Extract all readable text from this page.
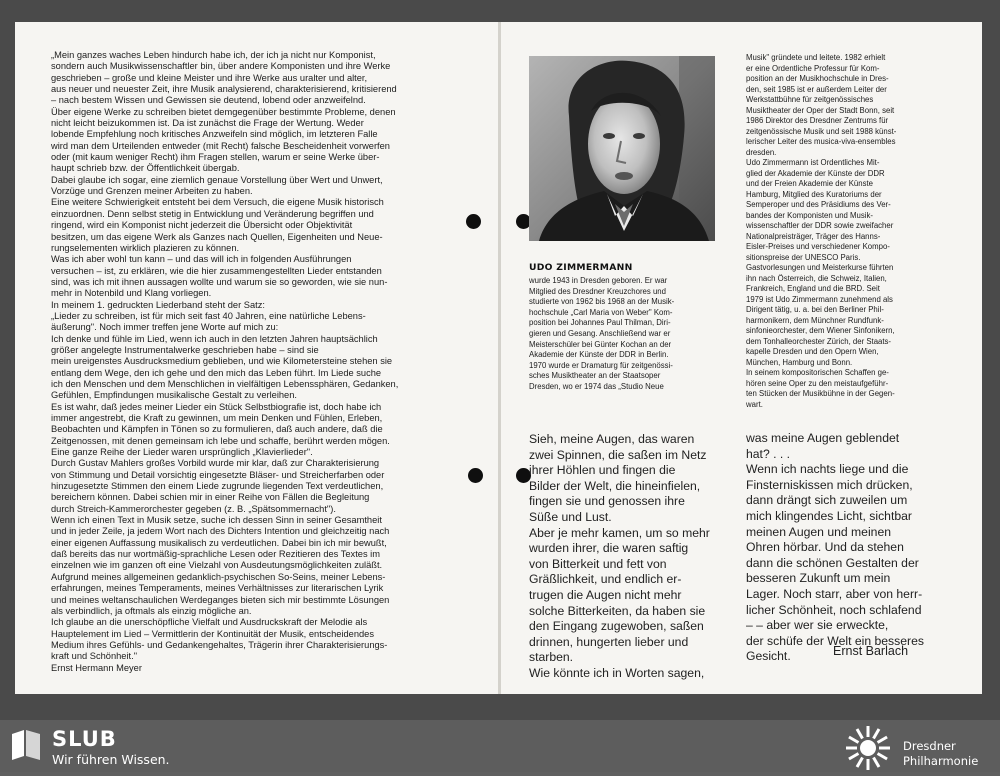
„Mein ganzes waches Leben hindurch habe ich, der ich ja nicht nur Komponist,
sondern auch Musikwissenschaftler bin, über andere Komponisten und ihre Werke
geschrieben – große und kleine Meister und ihre Werke aus uralter und alter,
aus neuer und neuester Zeit, ihre Musik analysierend, charakterisierend, kritisierend
– nach bestem Wissen und Gewissen sie deutend, lobend oder anzweifelnd.

Über eigene Werke zu schreiben bietet demgegenüber bestimmte Probleme, denen
nicht leicht beizukommen ist. Da ist zunächst die Frage der Wertung. Weder
lobende Empfehlung noch kritisches Anzweifeln sind möglich, im letzteren Falle
wird man dem Urteilenden entweder (mit Recht) falsche Bescheidenheit vorwerfen
oder (mit kaum weniger Recht) ihm Fragen stellen, warum er seine Werke über-
haupt schrieb bzw. der Öffentlichkeit übergab.

Dabei glaube ich sogar, eine ziemlich genaue Vorstellung über Wert und Unwert,
Vorzüge und Grenzen meiner Arbeiten zu haben.

Eine weitere Schwierigkeit entsteht bei dem Versuch, die eigene Musik historisch
einzuordnen. Denn selbst stetig in Entwicklung und Veränderung begriffen und
ringend, wird ein Komponist nicht jederzeit die Übersicht oder Objektivität
besitzen, um das eigene Werk als Ganzes nach Quellen, Eigenheiten und Neue-
rungselementen wirklich plazieren zu können.

Was ich aber wohl tun kann – und das will ich in folgenden Ausführungen
versuchen – ist, zu erklären, wie die hier zusammengestellten Lieder entstanden
sind, was ich mit ihnen aussagen wollte und warum sie so geworden, wie sie nun-
mehr in Notenbild und Klang vorliegen.

In meinem 1. gedruckten Liederband steht der Satz:

„Lieder zu schreiben, ist für mich seit fast 40 Jahren, eine natürliche Lebens-
äußerung". Noch immer treffen jene Worte auf mich zu:

Ich denke und fühle im Lied, wenn ich auch in den letzten Jahren hauptsächlich
größer angelegte Instrumentalwerke geschrieben habe – sind sie
mein ureigenstes Ausdrucksmedium geblieben, und wie Kilometersteine stehen sie
entlang dem Wege, den ich gehe und den mich das Leben führt. Im Liede suche
ich den Menschen und dem Menschlichen in vielfältigen Lebenssphären, Gedanken,
Gefühlen, Empfindungen musikalische Gestalt zu verleihen.

Es ist wahr, daß jedes meiner Lieder ein Stück Selbstbiografie ist, doch habe ich
immer angestrebt, die Kraft zu gewinnen, um mein Denken und Fühlen, Erleben,
Beobachten und Kämpfen in Tönen so zu formulieren, daß auch andere, daß die
Zeitgenossen, mit denen gemeinsam ich lebe und schaffe, berührt werden mögen.

Eine ganze Reihe der Lieder waren ursprünglich „Klavierlieder".

Durch Gustav Mahlers großes Vorbild wurde mir klar, daß zur Charakterisierung
von Stimmung und Detail vorsichtig eingesetzte Bläser- und Streicherfarben oder
hinzugesetzte Stimmen den einem Liede zugrunde liegenden Text verdeutlichen,
bereichern können. Dabei schien mir in einer Reihe von Fällen die Begleitung
durch Streich-Kammerorchester gegeben (z. B. „Spätsommernacht").

Wenn ich einen Text in Musik setze, suche ich dessen Sinn in seiner Gesamtheit
und in jeder Zeile, ja jedem Wort nach des Dichters Intention und gleichzeitig nach
einer eigenen Auffassung musikalisch zu verdeutlichen. Dabei bin ich mir bewußt,
daß bereits das nur wortmäßig-sprachliche Lesen oder Rezitieren des Textes im
einzelnen wie im ganzen oft eine Vielzahl von Ausdeutungsmöglichkeiten zuläßt.

Aufgrund meines allgemeinen gedanklich-psychischen So-Seins, meiner Lebens-
erfahrungen, meines Temperaments, meines Verhältnisses zur literarischen Lyrik
und meines weltanschaulichen Werdeganges bieten sich mir bestimmte Lösungen
als verbindlich, ja oftmals als einzig mögliche an.

Ich glaube an die unerschöpfliche Vielfalt und Ausdruckskraft der Melodie als
Hauptelement im Lied – Vermittlerin der Kontinuität der Musik, entscheidendes
Medium ihres Gefühls- und Gedankengehaltes, Trägerin ihrer Charakterisierungs-
kraft und Schönheit."

Ernst Hermann Meyer

UDO ZIMMERMANN

wurde 1943 in Dresden geboren. Er war
Mitglied des Dresdner Kreuzchores und
studierte von 1962 bis 1968 an der Musik-
hochschule „Carl Maria von Weber" Kom-
position bei Johannes Paul Thilman, Diri-
gieren und Gesang. Anschließend war er
Meisterschüler bei Günter Kochan an der
Akademie der Künste der DDR in Berlin.
1970 wurde er Dramaturg für zeitgenössi-
sches Musiktheater an der Staatsoper
Dresden, wo er 1974 das „Studio Neue

Musik" gründete und leitete. 1982 erhielt
er eine Ordentliche Professur für Kom-
position an der Musikhochschule in Dres-
den, seit 1985 ist er außerdem Leiter der
Werkstattbühne für zeitgenössisches
Musiktheater der Oper der Stadt Bonn, seit
1986 Direktor des Dresdner Zentrums für
zeitgenössische Musik und seit 1988 künst-
lerischer Leiter des musica-viva-ensembles
dresden.
Udo Zimmermann ist Ordentliches Mit-
glied der Akademie der Künste der DDR
und der Freien Akademie der Künste
Hamburg, Mitglied des Kuratoriums der
Semperoper und des Präsidiums des Ver-
bandes der Komponisten und Musik-
wissenschaftler der DDR sowie zweifacher
Nationalpreisträger, Träger des Hanns-
Eisler-Preises und verschiedener Kompo-
sitionspreise der UNESCO Paris.
Gastvorlesungen und Meisterkurse führten
ihn nach Österreich, die Schweiz, Italien,
Frankreich, England und die BRD. Seit
1979 ist Udo Zimmermann zunehmend als
Dirigent tätig, u. a. bei den Berliner Phil-
harmonikern, dem Münchner Rundfunk-
sinfonieorchester, dem Wiener Sinfonikern,
dem Tonhalleorchester Zürich, der Staats-
kapelle Dresden und den Opern Wien,
München, Hamburg und Bonn.
In seinem kompositorischen Schaffen ge-
hören seine Oper zu den meistaufgeführ-
ten Stücken der Musikbühne in der Gegen-
wart.

Sieh, meine Augen, das waren
zwei Spinnen, die saßen im Netz
ihrer Höhlen und fingen die
Bilder der Welt, die hineinfielen,
fingen sie und genossen ihre
Süße und Lust.
Aber je mehr kamen, um so mehr
wurden ihrer, die waren saftig
von Bitterkeit und fett von
Gräßlichkeit, und endlich er-
trugen die Augen nicht mehr
solche Bitterkeiten, da haben sie
den Eingang zugewoben, saßen
drinnen, hungerten lieber und
starben.
Wie könnte ich in Worten sagen,

was meine Augen geblendet
hat? . . .
Wenn ich nachts liege und die
Finsterniskissen mich drücken,
dann drängt sich zuweilen um
mich klingendes Licht, sichtbar
meinen Augen und meinen
Ohren hörbar. Und da stehen
dann die schönen Gestalten der
besseren Zukunft um mein
Lager. Noch starr, aber von herr-
licher Schönheit, noch schlafend
– – aber wer sie erweckte,
der schüfe der Welt ein besseres
Gesicht.	Ernst Barlach
SLUB
Wir führen Wissen.

Dresdner
Philharmonie
